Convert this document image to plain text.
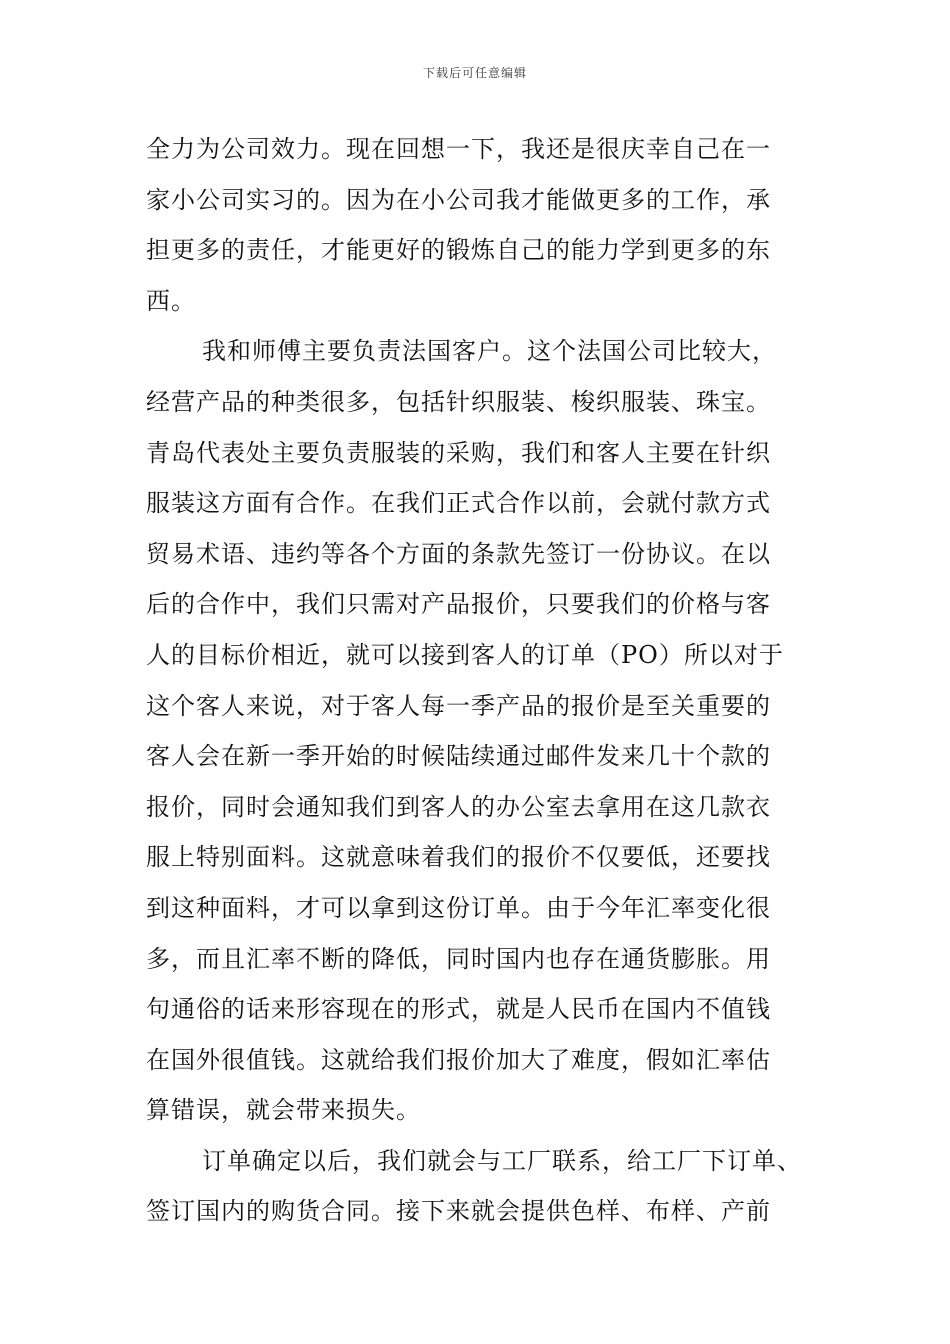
下载后可任意编辑
全力为公司效力。现在回想一下，我还是很庆幸自己在一
家小公司实习的。因为在小公司我才能做更多的工作，承
担更多的责任，才能更好的锻炼自己的能力学到更多的东
西。
我和师傅主要负责法国客户。这个法国公司比较大，
经营产品的种类很多，包括针织服装、梭织服装、珠宝。
青岛代表处主要负责服装的采购，我们和客人主要在针织
服装这方面有合作。在我们正式合作以前，会就付款方式
贸易术语、违约等各个方面的条款先签订一份协议。在以
后的合作中，我们只需对产品报价，只要我们的价格与客
人的目标价相近，就可以接到客人的订单（PO）所以对于
这个客人来说，对于客人每一季产品的报价是至关重要的
客人会在新一季开始的时候陆续通过邮件发来几十个款的
报价，同时会通知我们到客人的办公室去拿用在这几款衣
服上特别面料。这就意味着我们的报价不仅要低，还要找
到这种面料，才可以拿到这份订单。由于今年汇率变化很
多，而且汇率不断的降低，同时国内也存在通货膨胀。用
句通俗的话来形容现在的形式，就是人民币在国内不值钱
在国外很值钱。这就给我们报价加大了难度，假如汇率估
算错误，就会带来损失。
订单确定以后，我们就会与工厂联系，给工厂下订单、
签订国内的购货合同。接下来就会提供色样、布样、产前
